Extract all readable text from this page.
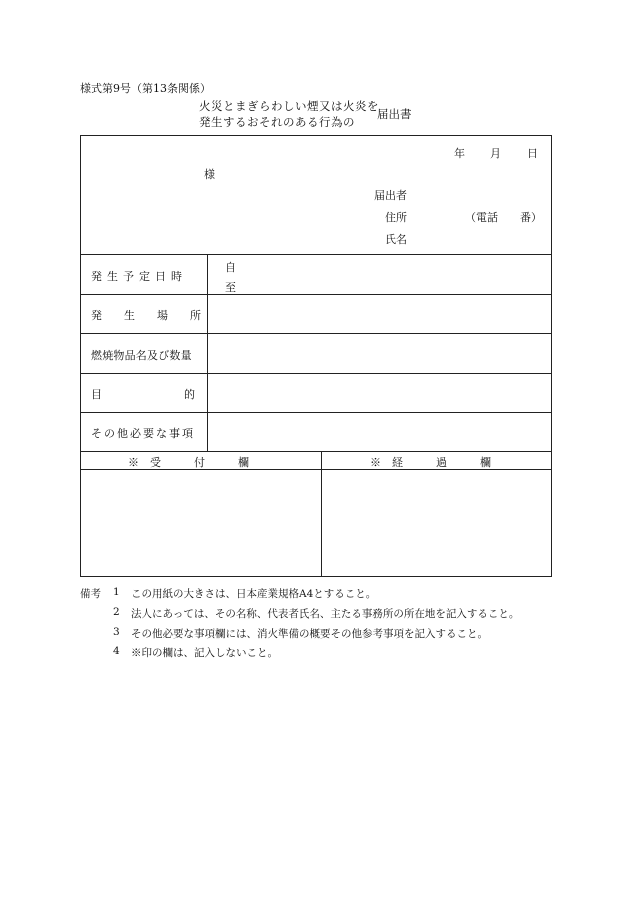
様式第9号（第13条関係）
火災とまぎらわしい煙又は火炎を
発生するおそれのある行為の
届出書
年 月 日
様
届出者
住所	（電話　　番）
氏名
発生予定日時
自
至
発生場所
燃焼物品名及び数量
目的
その他必要な事項
※　受　　　付　　　欄	※　経　　　過　　　欄
備考 1 この用紙の大きさは、日本産業規格A4とすること。
2 法人にあっては、その名称、代表者氏名、主たる事務所の所在地を記入すること。
3 その他必要な事項欄には、消火準備の概要その他参考事項を記入すること。
4 ※印の欄は、記入しないこと。
